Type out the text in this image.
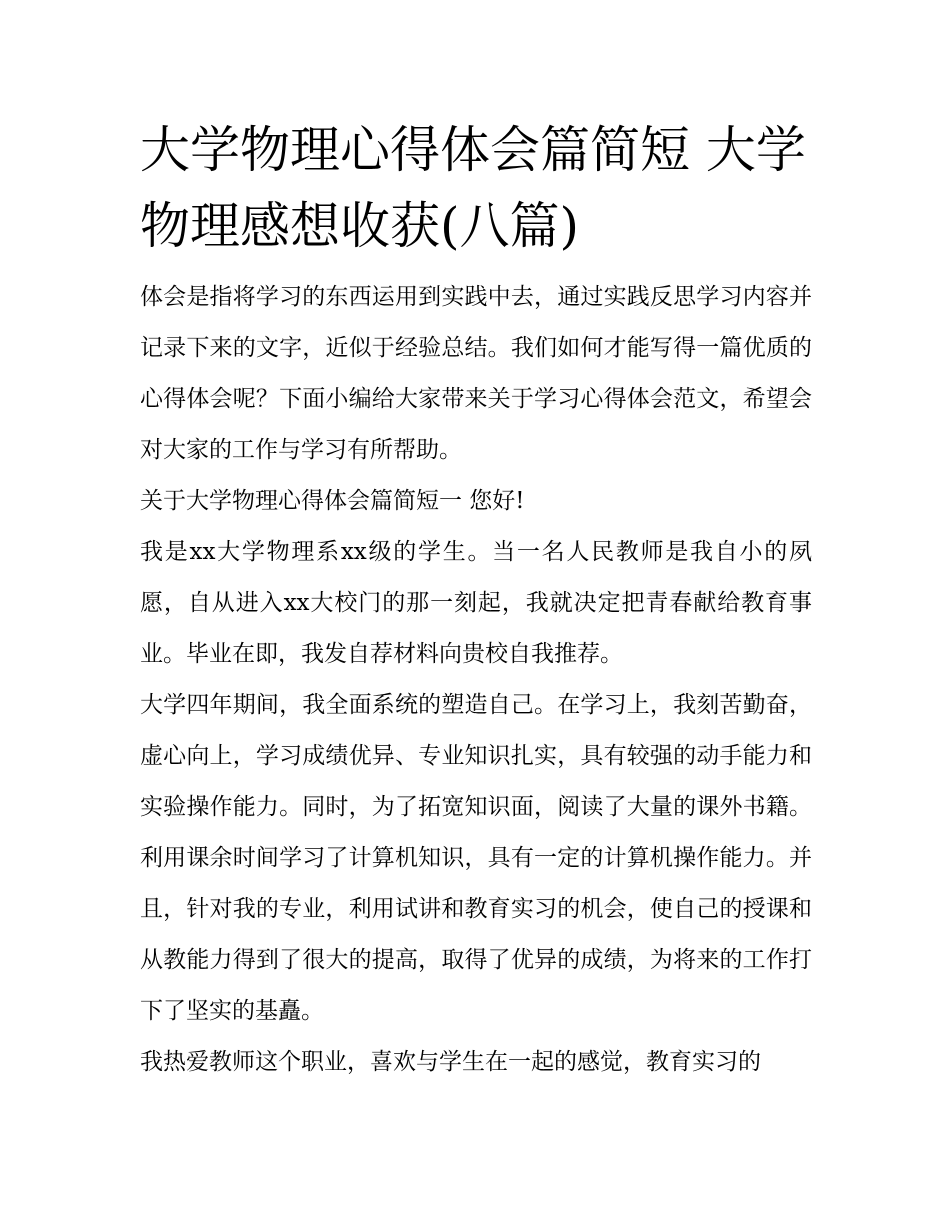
大学物理心得体会篇简短 大学物理感想收获(八篇)

体会是指将学习的东西运用到实践中去，通过实践反思学习内容并记录下来的文字，近似于经验总结。我们如何才能写得一篇优质的心得体会呢？下面小编给大家带来关于学习心得体会范文，希望会对大家的工作与学习有所帮助。

关于大学物理心得体会篇简短一 您好!

我是xx大学物理系xx级的学生。当一名人民教师是我自小的夙愿，自从进入xx大校门的那一刻起，我就决定把青春献给教育事业。毕业在即，我发自荐材料向贵校自我推荐。

大学四年期间，我全面系统的塑造自己。在学习上，我刻苦勤奋，虚心向上，学习成绩优异、专业知识扎实，具有较强的动手能力和实验操作能力。同时，为了拓宽知识面，阅读了大量的课外书籍。利用课余时间学习了计算机知识，具有一定的计算机操作能力。并且，针对我的专业，利用试讲和教育实习的机会，使自己的授课和从教能力得到了很大的提高，取得了优异的成绩，为将来的工作打下了坚实的基矗。

我热爱教师这个职业，喜欢与学生在一起的感觉，教育实习的
